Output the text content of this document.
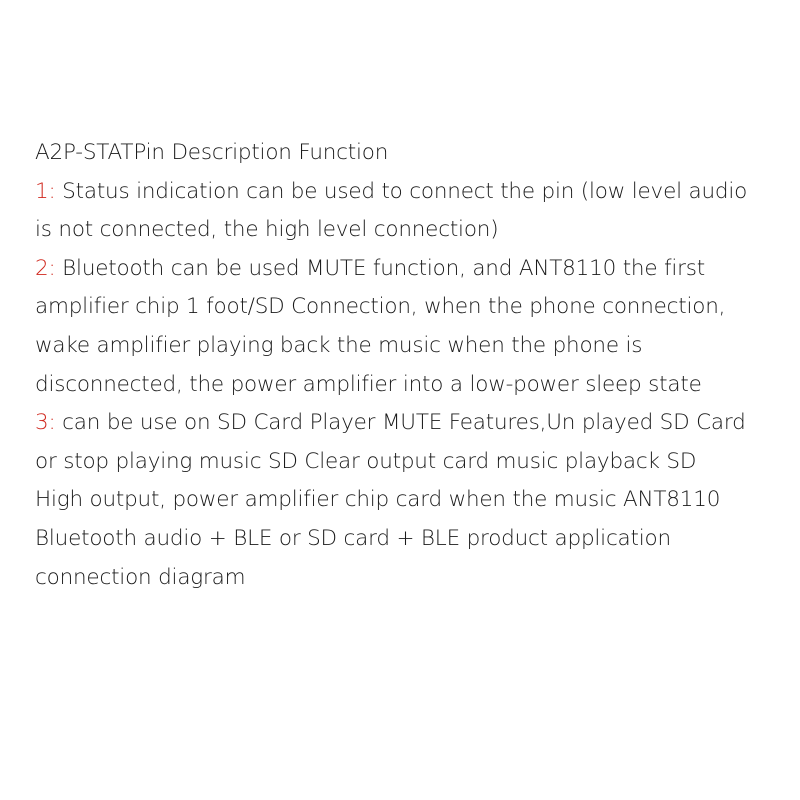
A2P-STATPin Description Function
1: Status indication can be used to connect the pin (low level audio
is not connected, the high level connection)
2: Bluetooth can be used MUTE function, and ANT8110 the first
amplifier chip 1 foot/SD Connection, when the phone connection,
wake amplifier playing back the music when the phone is
disconnected, the power amplifier into a low-power sleep state
3: can be use on SD Card Player MUTE Features,Un played SD Card
or stop playing music SD Clear output card music playback SD
High output, power amplifier chip card when the music ANT8110
Bluetooth audio + BLE or SD card + BLE product application
connection diagram
